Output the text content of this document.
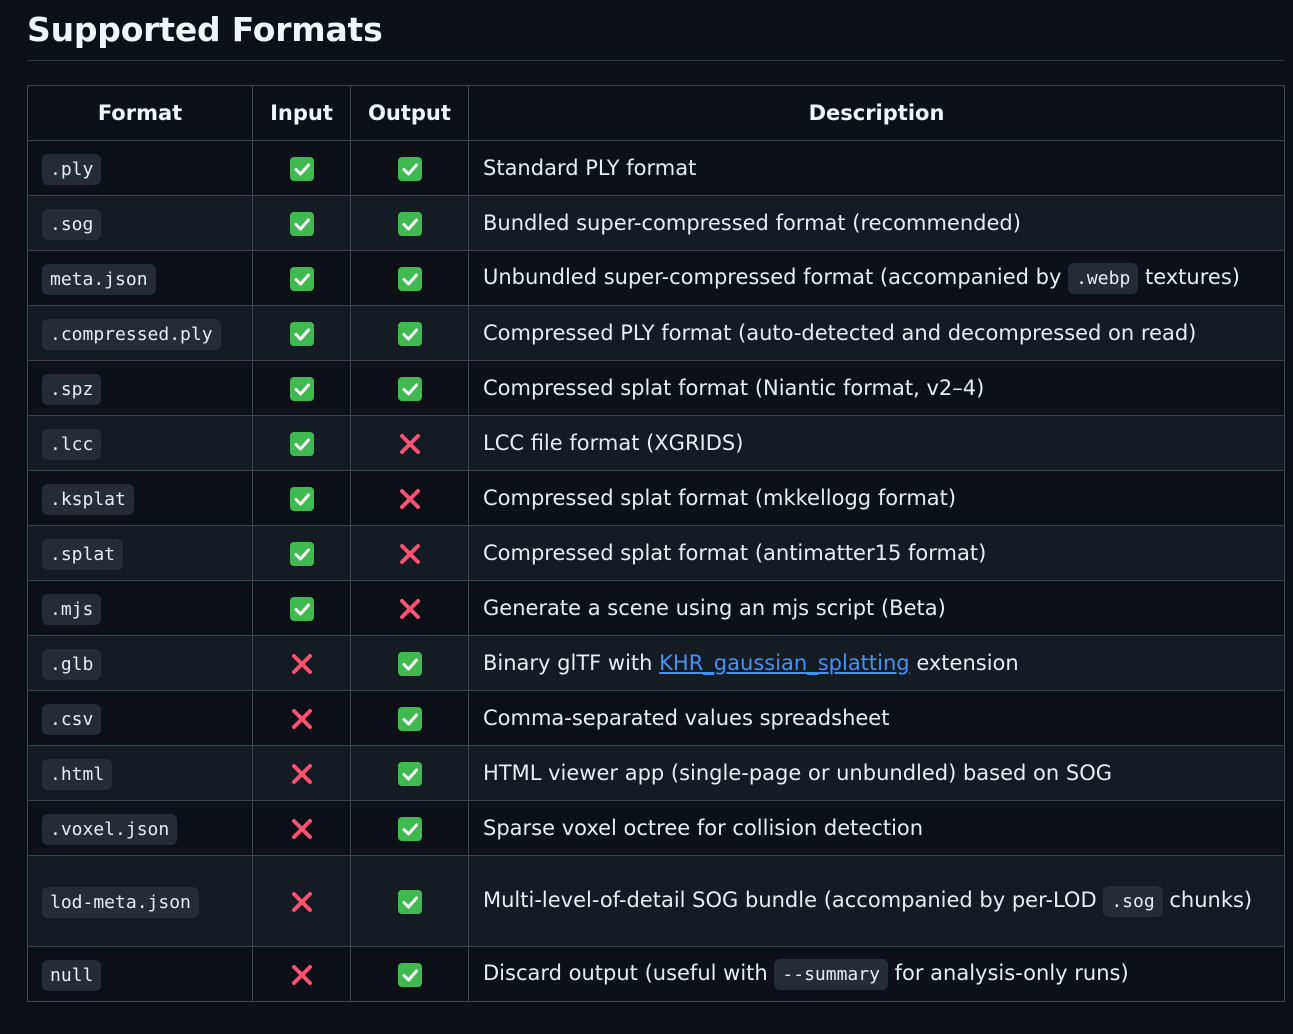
Supported Formats
Format	Input	Output	Description
.ply			Standard PLY format
.sog			Bundled super-compressed format (recommended)
meta.json			Unbundled super-compressed format (accompanied by .webp textures)
.compressed.ply			Compressed PLY format (auto-detected and decompressed on read)
.spz			Compressed splat format (Niantic format, v2–4)
.lcc			LCC file format (XGRIDS)
.ksplat			Compressed splat format (mkkellogg format)
.splat			Compressed splat format (antimatter15 format)
.mjs			Generate a scene using an mjs script (Beta)
.glb			Binary glTF with KHR_gaussian_splatting extension
.csv			Comma-separated values spreadsheet
.html			HTML viewer app (single-page or unbundled) based on SOG
.voxel.json			Sparse voxel octree for collision detection
lod-meta.json			Multi-level-of-detail SOG bundle (accompanied by per-LOD .sog chunks)
null			Discard output (useful with --summary for analysis-only runs)
